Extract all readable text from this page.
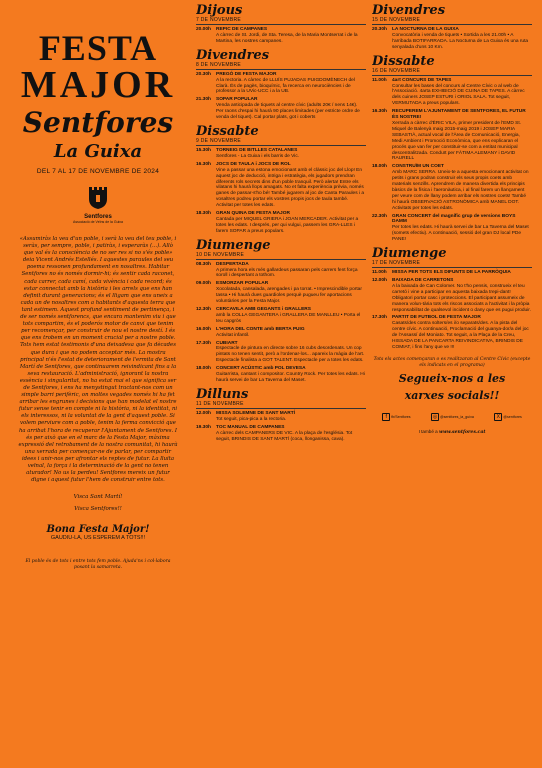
FESTA
MAJOR
Sentfores
La Guixa
DEL 7 AL 17 DE NOVEMBRE DE 2024
Sentfores
Associació de Veïns de la Guixa
«Assumiràs la veu d'un poble, i serà la veu del teu poble, i seràs, per sempre, poble, i patiràs, i esperaràs (...). Allò que val és la consciència de no ser res si no s'és poble» deia Vicent Andrés Estellés. I aquestes paraules del seu poema ressonen profundament en nosaltres. Habitar Sentfores no és només dormir-hi; és sentir cada raconet, cada carrer, cada camí, cada vivència i cada record; és estar connectat amb la història i les arrels que ens han definit durant generacions; és el lligam que ens uneix a cada un de nosaltres com a habitants d'aquesta terra que tant estimem. Aquest profund sentiment de pertinença, i de ser només sentforencs, que encara mantenim viu i que tots compartim, és el poderós motor de canvi que tenim per recomençar, per construir de nou el nostre destí. I és que ens trobem en un moment crucial per a nostre poble. Tots hem estat testimonis d'una deixadesa que fa dècades que dura i que no podem acceptar més. La mostra principal n'és l'estat de deteriorament de l'ermita de Sant Martí de Sentfores, que continuarem reivindicant fins a la seva restauració. L'administració, ignorant la nostra essència i singularitat, no ha estat mai el que significa ser de Sentfores, i ens ha menystingut tractant-nos com un simple barri perifèric, on moltes vegades només hi ha fet arribar les engrunes i decisions que han modelat el nostre futur sense tenir en compte ni la història, ni la identitat, ni els interessos, ni la voluntat de la gent d'aquest poble. Si volem perviure com a poble, tenim la ferma convicció que ha arribat l'hora de recuperar l'Ajuntament de Sentfores. I és per això que en el marc de la Festa Major, màxima expressió del retrobament de la nostra comunitat, hi haurà una xerrada per començar-ne de parlar, per compartir idees i unir-nos per afrontar els reptes de futur. La lluita veïnal, la força i la determinació de la gent no tenen aturador! No us la perdeu! Sentfores mereix un futur digne i aquest futur l'hem de construir entre tots.
Visca Sant Martí!
Visca Sentfores!!
Bona Festa Major!
GAUDIU-LA, US ESPEREM A TOTS!!!
El poble és de tots i entre tots fem poble. Ajuda'ns i col·labora posant la samarreta.
Dijous
7 DE NOVEMBRE
20.00h	REPIC DE CAMPANES
A càrrec de St. Jordi, de Sta. Teresa, de la Maria Montserrat i de la Martina, les nostres campanes.
Divendres
8 DE NOVEMBRE
20.30h	PREGÓ DE FESTA MAJOR
A la rectoria. A càrrec de LLUÍS PUJADAS PUIGDOMÈNECH del Clarà. És de pagès, bioquímic, fa recerca en neurociències i de professor a la UVic-UCC i a la UB.
21.30h	SOPAR POPULAR
Venda anticipada de tiquets al centre cívic (adults 20€ / nens 14€). Per raons d'espai hi haurà 90 places limitades (per estricte ordre de venda del tiquet). Cal portar plats, got i coberts
Dissabte
9 DE NOVEMBRE
15.30h	TORNEIG DE BITLLES CATALANES
Sentfores - La Guixa i els barris de Vic.
16.30h	JOCS DE TAULA i JOCS DE ROL
Vine a passar una estona emocionant amb el clàssic joc del Llop! En aquest joc de deducció, intriga i estratègia, els jugadors prendran diferents rols secrets dins d'un poble tranquil. Però alerta! Entre els vilatans hi haurà llops amagats. No et falta experiència prèvia, només ganes de passar-s'ho bé! També jugarem al joc de Canta Paraules i a vosaltres podreu portar els vostres propis jocs de taula també. Activitat per totes les edats.
18.30h	GRAN QUINA DE FESTA MAJOR
Cantada per MIQUEL GRIERA i JOAN MERCADER. Activitat per a totes les edats. I després, per qui vulgui, passem les GRA-LLES i farem SOPAR a preus populars.
Diumenge
10 DE NOVEMBRE
08.30h	DESPERTADA
A primera hora els més gallardeus passaran pels carrers fent força soroll i despertant a tothom.
09.00h	ESMORZAR POPULAR
Xocolatada, cansalada, arengades i pa torrat. • Imprescindible portar tassa • Hi haurà dues guardioles perquè pugueu fer aportacions voluntàries per la Festa Major.
12.30h	CERCAVILA AMB GEGANTS i GRALLERS
amb la COLLA GEGANTERA i GRALLERA DE MANLLEU • Porta el teu capgròs
16.00h	L'HORA DEL CONTE amb BERTA PUIG
Activitat infantil.
17.30h	CUBIART
Espectacle de pintura en directe sobre 16 cubs desordenats. Un cop pintats no tenen sentit, però a l'ordenar-los... apareix la màgia de l'art. Espectacle finalista a GOT TALENT. Espectacle per a totes les edats.
18.00h	CONCERT ACÚSTIC amb POL DEVESA
Guitarrista, cantant i compositor. Country Rock. Per totes les edats. Hi haurà servei de bar La Taverna del Maset.
Dilluns
11 DE NOVEMBRE
12.00h	MISSA SOLEMNE DE SANT MARTÍ
Tot seguit, pica-pica a la rectoria.
19.30h	TOC MANUAL DE CAMPANES
A càrrec dels CAMPANERS DE VIC. A la plaça de l'església. Tot seguit, BRINDIS DE SANT MARTÍ (coca, llonganissa, cava).
Divendres
15 DE NOVEMBRE
20.30h	LA NOCTURNA DE LA GUIXA
Convocatòria i venda de tiquets • Sortida a les 21.00h • A l'arribada BOTIFARRADA. La Nocturna de La Guixa és una ruta senyalada d'uns 10 Km.
Dissabte
16 DE NOVEMBRE
11.00h	4art CONCURS DE TAPES
Consultar les bases del concurs al Centre Cívic o al web de l'Associació. 4arta EXHIBICIÓ DE CUINA DE TAPES. A càrrec dels cuiners JOSEP ESTURI i ORIOL SALA. Tot seguit, VERMUTADA a preus populars.
16.30h	RECUPEREM L'AJUNTAMENT DE SENTFORES, EL FUTUR ÉS NOSTRE!
Xerrada a càrrec d'ÈRIC VILA, primer president de l'EMD St. Miquel de Balenyà maig 2015-maig 2019 i JOSEP MARIA SEBASTIÀ, actual vocal de l'Àrea de Comunicació, Energia, Medi Ambient i Promoció Econòmica, que ens explicaran el procés que van fer per constituir-se com a entitat municipal descentralitzada. Conduït per FÀTIMA ALEMANY i DAVID RAURELL
18.00h	CONSTRUÏM UN COET
Amb MARC SERRA. Uneix-te a aquesta emocionant activitat on petits i grans podran construir els seus propis coets amb materials senzills. Aprendrem de manera divertida els principis bàsics de la física i l'aeronàutica, i al final farem un llançament per veure com de llany podem arribar els nostres coets! També hi haurà OBSERVACIÓ ASTRONÒMICA amb MANEL DOT. Activitats per totes les edats.
22.30h	GRAN CONCERT del magnífic grup de versions BOYS DAMM
Per totes les edats. Hi haurà servei de bar La Taverna del Maset (somets efectiu). A continuació, sessió del gran DJ local PDe PANE!
Diumenge
17 DE NOVEMBRE
11.00h	MISSA PER TOTS ELS DIFUNTS DE LA PARRÒQUIA
12.00h	BAIXADA DE CARRETONS
A la baixada de Can Colomer. No t'ho pensis, construeix el teu carretó i vine a participar en aquesta baixada trepi-dant! Obligatori portar casc i proteccions. El participant assumeix de manera volun-tària tots els riscos associats a l'activitat i la pròpia responsabilitat de qualsevol incident o dany que es pugui produir.
17.30h	PARTIT DE FUTBOL DE FESTA MAJOR
Casats/des contra solters/es i/o separats/des. A la pista del centre cívic. A continuació, Proclamació del guanya-dor/a del joc de l'Assassí del Moniato. Tot seguit, a la Plaça de la Creu, HISSADA DE LA PANCARTA REIVINDICATIVA, BRINDIS DE COMIAT, i fins l'any que ve !!!
Tots els actes començaran o es realitzaran al Centre Cívic (excepte els indicats en el programa)
Segueix-nos a les
xarxes socials!!
f fb/Sentfores	◎ @sentfores_la_guixa	X @sentfores
I també a www.sentfores.cat
